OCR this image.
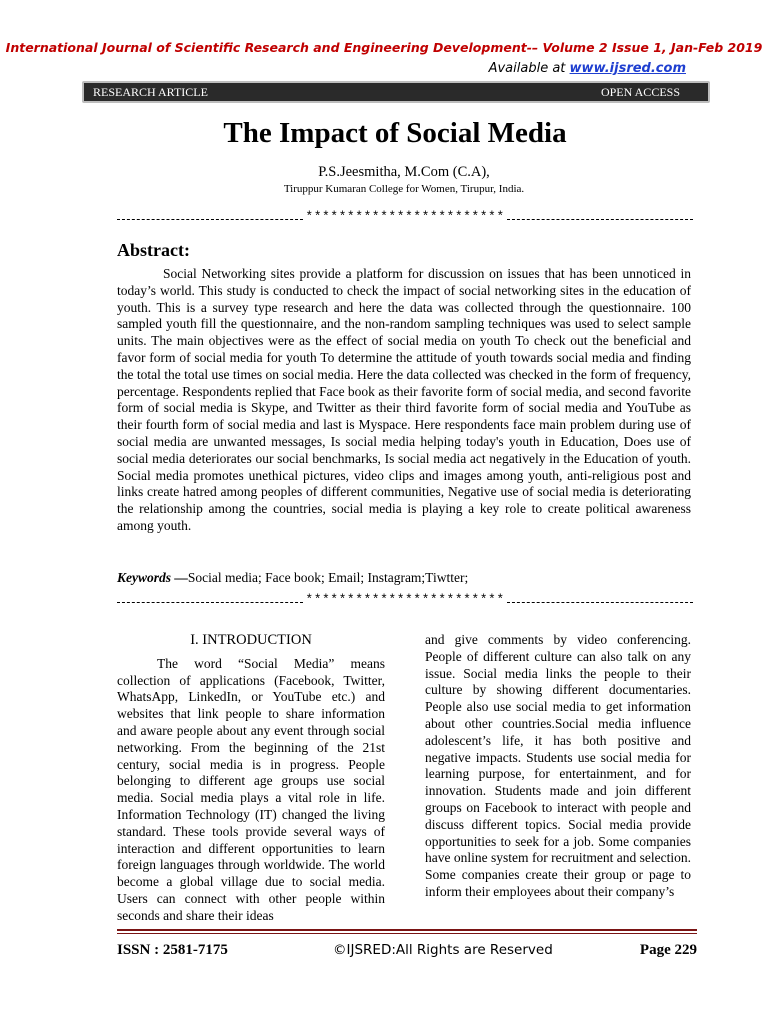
International Journal of Scientific Research and Engineering Development-– Volume 2 Issue 1, Jan-Feb 2019
Available at www.ijsred.com
RESEARCH ARTICLE	OPEN ACCESS
The Impact of Social Media
P.S.Jeesmitha, M.Com (C.A),
Tiruppur Kumaran College for Women, Tirupur, India.
************************
Abstract:
Social Networking sites provide a platform for discussion on issues that has been unnoticed in today’s world. This study is conducted to check the impact of social networking sites in the education of youth. This is a survey type research and here the data was collected through the questionnaire. 100 sampled youth fill the questionnaire, and the non-random sampling techniques was used to select sample units. The main objectives were as the effect of social media on youth To check out the beneficial and favor form of social media for youth To determine the attitude of youth towards social media and finding the total the total use times on social media. Here the data collected was checked in the form of frequency, percentage. Respondents replied that Face book as their favorite form of social media, and second favorite form of social media is Skype, and Twitter as their third favorite form of social media and YouTube as their fourth form of social media and last is Myspace. Here respondents face main problem during use of social media are unwanted messages, Is social media helping today's youth in Education, Does use of social media deteriorates our social benchmarks, Is social media act negatively in the Education of youth. Social media promotes unethical pictures, video clips and images among youth, anti-religious post and links create hatred among peoples of different communities, Negative use of social media is deteriorating the relationship among the countries, social media is playing a key role to create political awareness among youth.
Keywords —Social media; Face book; Email; Instagram;Tiwtter;
************************
I. INTRODUCTION
The word “Social Media” means collection of applications (Facebook, Twitter, WhatsApp, LinkedIn, or YouTube etc.) and websites that link people to share information and aware people about any event through social networking. From the beginning of the 21st century, social media is in progress. People belonging to different age groups use social media. Social media plays a vital role in life. Information Technology (IT) changed the living standard. These tools provide several ways of interaction and different opportunities to learn foreign languages through worldwide. The world become a global village due to social media. Users can connect with other people within seconds and share their ideas
and give comments by video conferencing. People of different culture can also talk on any issue. Social media links the people to their culture by showing different documentaries. People also use social media to get information about other countries.Social media influence adolescent’s life, it has both positive and negative impacts. Students use social media for learning purpose, for entertainment, and for innovation. Students made and join different groups on Facebook to interact with people and discuss different topics. Social media provide opportunities to seek for a job. Some companies have online system for recruitment and selection. Some companies create their group or page to inform their employees about their company’s
ISSN : 2581-7175	©IJSRED:All Rights are Reserved	Page 229
